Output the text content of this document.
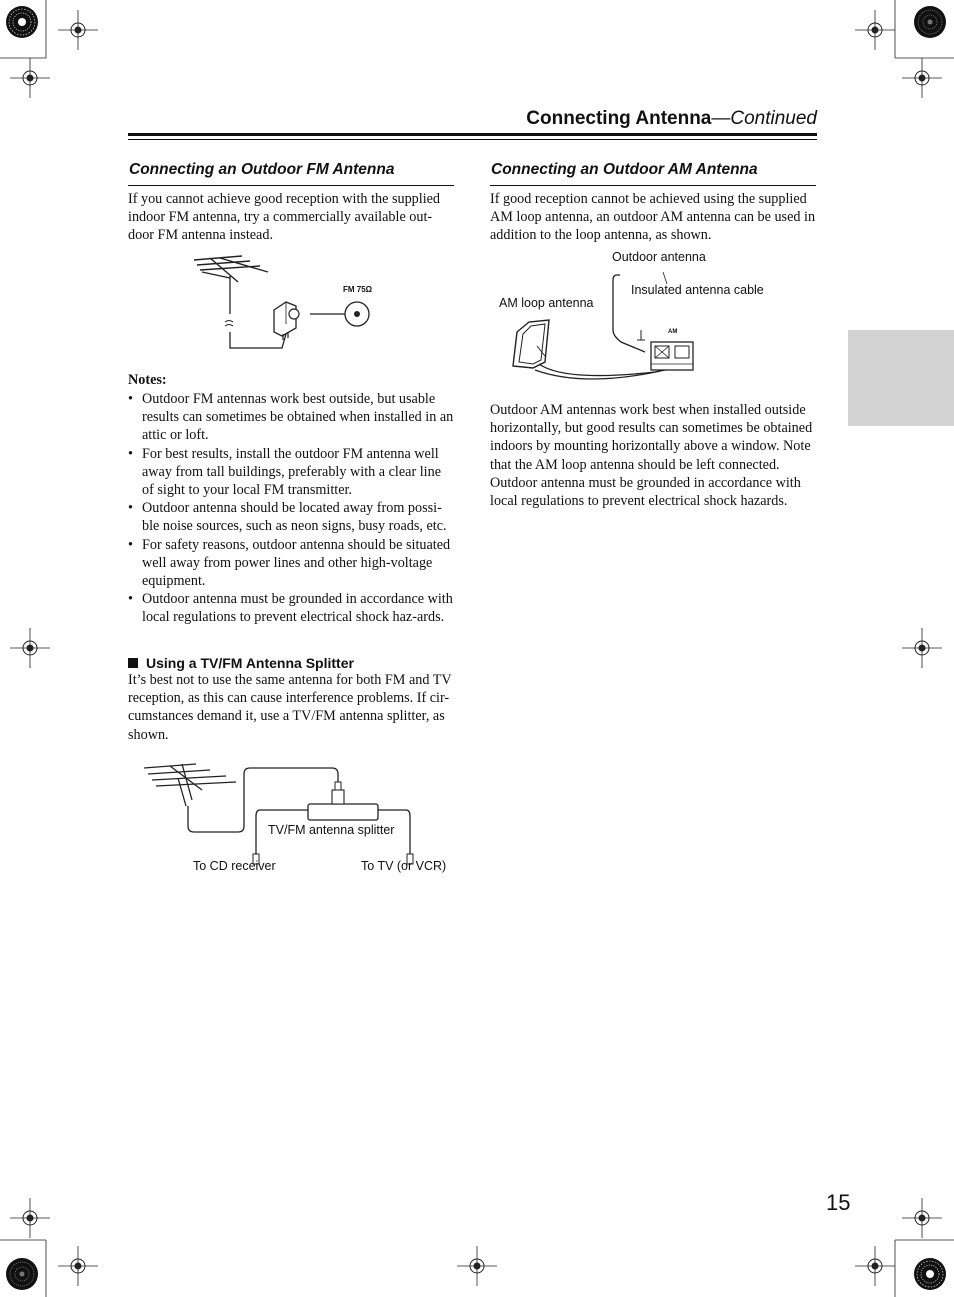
Connecting Antenna—Continued
Connecting an Outdoor FM Antenna

If you cannot achieve good reception with the supplied indoor FM antenna, try a commercially available out-door FM antenna instead.

FM 75Ω
Notes:
• Outdoor FM antennas work best outside, but usable results can sometimes be obtained when installed in an attic or loft.
• For best results, install the outdoor FM antenna well away from tall buildings, preferably with a clear line of sight to your local FM transmitter.
• Outdoor antenna should be located away from possi-ble noise sources, such as neon signs, busy roads, etc.
• For safety reasons, outdoor antenna should be situated well away from power lines and other high-voltage equipment.
• Outdoor antenna must be grounded in accordance with local regulations to prevent electrical shock haz-ards.
Using a TV/FM Antenna Splitter

It’s best not to use the same antenna for both FM and TV reception, as this can cause interference problems. If cir-cumstances demand it, use a TV/FM antenna splitter, as shown.

TV/FM antenna splitter
To CD receiver	To TV (or VCR)
Connecting an Outdoor AM Antenna

If good reception cannot be achieved using the supplied AM loop antenna, an outdoor AM antenna can be used in addition to the loop antenna, as shown.

AM
Outdoor antenna
Insulated antenna cable
AM loop antenna

Outdoor AM antennas work best when installed outside horizontally, but good results can sometimes be obtained indoors by mounting horizontally above a window. Note that the AM loop antenna should be left connected. Outdoor antenna must be grounded in accordance with local regulations to prevent electrical shock hazards.

15
